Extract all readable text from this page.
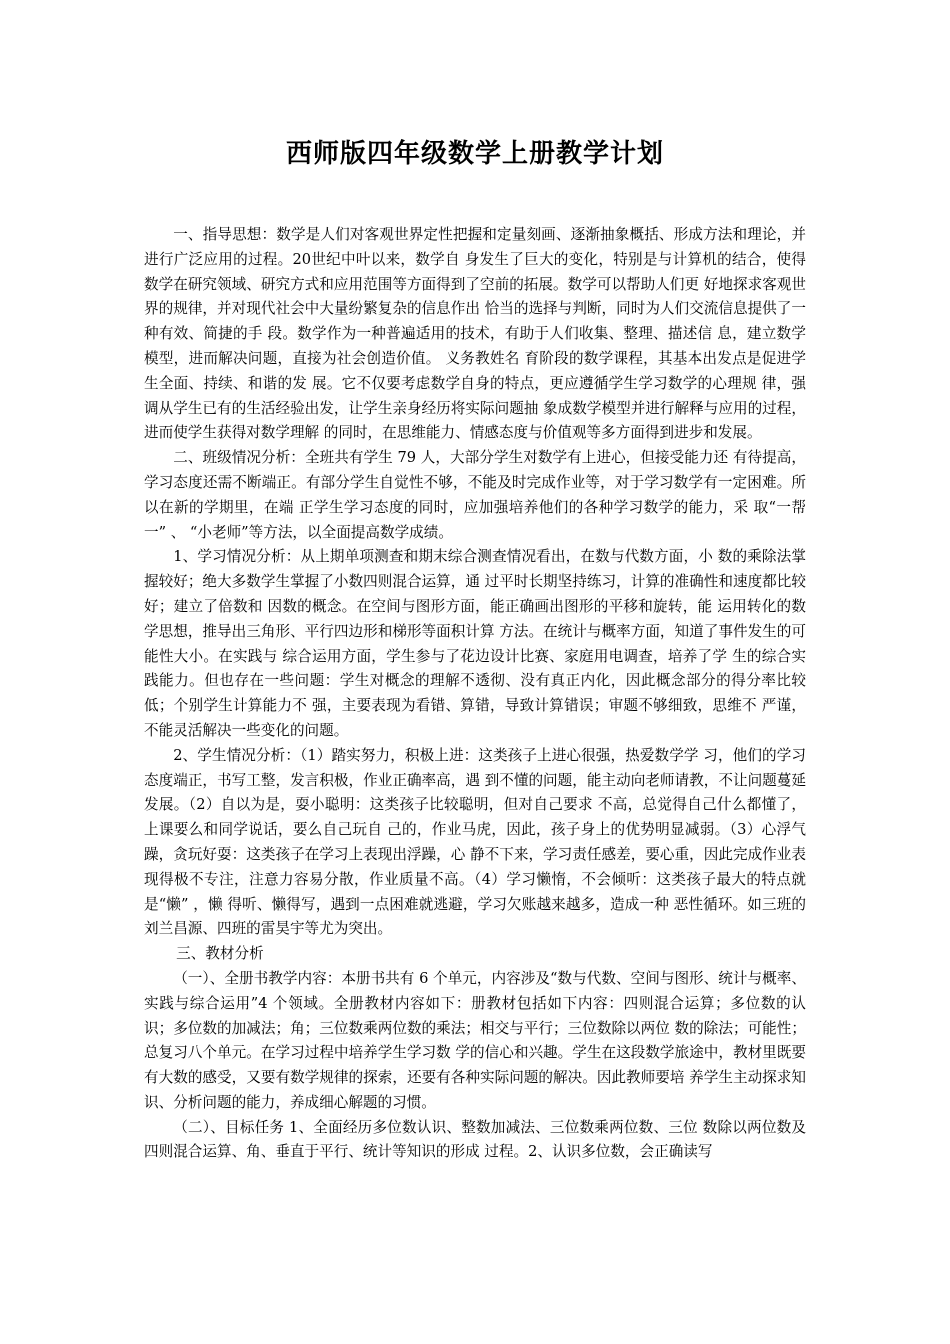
西师版四年级数学上册教学计划

一、指导思想：数学是人们对客观世界定性把握和定量刻画、逐渐抽象概括、形成方法和理论，并进行广泛应用的过程。20世纪中叶以来，数学自 身发生了巨大的变化，特别是与计算机的结合，使得数学在研究领域、研究方式和应用范围等方面得到了空前的拓展。数学可以帮助人们更 好地探求客观世界的规律，并对现代社会中大量纷繁复杂的信息作出 恰当的选择与判断，同时为人们交流信息提供了一种有效、简捷的手 段。数学作为一种普遍适用的技术，有助于人们收集、整理、描述信 息，建立数学模型，进而解决问题，直接为社会创造价值。 义务教姓名 育阶段的数学课程，其基本出发点是促进学生全面、持续、和谐的发 展。它不仅要考虑数学自身的特点，更应遵循学生学习数学的心理规 律，强调从学生已有的生活经验出发，让学生亲身经历将实际问题抽 象成数学模型并进行解释与应用的过程，进而使学生获得对数学理解 的同时，在思维能力、情感态度与价值观等多方面得到进步和发展。

二、班级情况分析：全班共有学生 79 人，大部分学生对数学有上进心，但接受能力还 有待提高，学习态度还需不断端正。有部分学生自觉性不够，不能及时完成作业等，对于学习数学有一定困难。所以在新的学期里，在端 正学生学习态度的同时，应加强培养他们的各种学习数学的能力，采 取“一帮一” 、 “小老师”等方法，以全面提高数学成绩。

1、学习情况分析：从上期单项测查和期末综合测查情况看出，在数与代数方面，小 数的乘除法掌握较好；绝大多数学生掌握了小数四则混合运算，通 过平时长期坚持练习，计算的准确性和速度都比较好；建立了倍数和 因数的概念。在空间与图形方面，能正确画出图形的平移和旋转，能 运用转化的数学思想，推导出三角形、平行四边形和梯形等面积计算 方法。在统计与概率方面，知道了事件发生的可能性大小。在实践与 综合运用方面，学生参与了花边设计比赛、家庭用电调查，培养了学 生的综合实践能力。但也存在一些问题：学生对概念的理解不透彻、没有真正内化，因此概念部分的得分率比较低；个别学生计算能力不 强，主要表现为看错、算错，导致计算错误；审题不够细致，思维不 严谨，不能灵活解决一些变化的问题。

2、学生情况分析：（1）踏实努力，积极上进：这类孩子上进心很强，热爱数学学 习，他们的学习态度端正，书写工整，发言积极，作业正确率高，遇 到不懂的问题，能主动向老师请教，不让问题蔓延发展。（2）自以为是，耍小聪明：这类孩子比较聪明，但对自己要求 不高，总觉得自己什么都懂了，上课要么和同学说话，要么自己玩自 己的，作业马虎，因此，孩子身上的优势明显减弱。（3）心浮气躁，贪玩好耍：这类孩子在学习上表现出浮躁，心 静不下来，学习责任感差，要心重，因此完成作业表现得极不专注，注意力容易分散，作业质量不高。（4）学习懒惰，不会倾听：这类孩子最大的特点就是“懒” ，懒 得听、懒得写，遇到一点困难就逃避，学习欠账越来越多，造成一种 恶性循环。如三班的刘兰昌源、四班的雷昊宇等尤为突出。

三、教材分析

（一）、全册书教学内容：本册书共有 6 个单元，内容涉及“数与代数、空间与图形、统计与概率、实践与综合运用”4 个领域。全册教材内容如下：册教材包括如下内容：四则混合运算；多位数的认识；多位数的加减法；角；三位数乘两位数的乘法；相交与平行；三位数除以两位 数的除法；可能性；总复习八个单元。在学习过程中培养学生学习数 学的信心和兴趣。学生在这段数学旅途中，教材里既要有大数的感受，又要有数学规律的探索，还要有各种实际问题的解决。因此教师要培 养学生主动探求知识、分析问题的能力，养成细心解题的习惯。

（二）、目标任务 1、全面经历多位数认识、整数加减法、三位数乘两位数、三位 数除以两位数及四则混合运算、角、垂直于平行、统计等知识的形成 过程。2、认识多位数，会正确读写
